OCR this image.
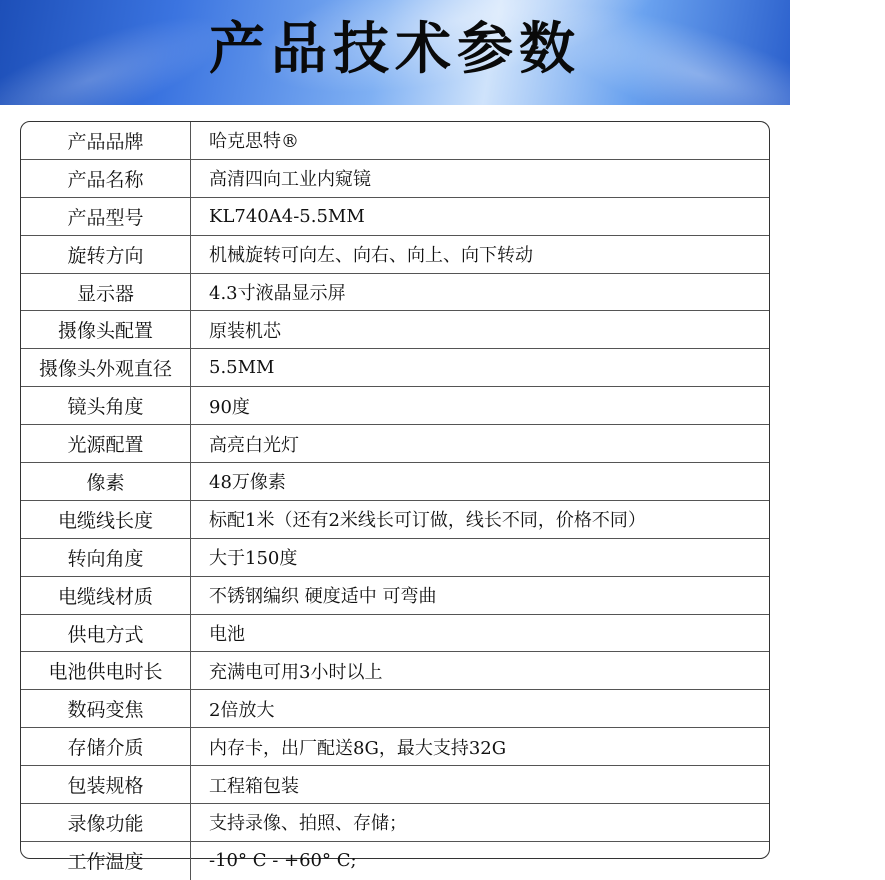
产品技术参数
产品品牌	哈克思特®
产品名称	高清四向工业内窥镜
产品型号	KL740A4-5.5MM
旋转方向	机械旋转可向左、向右、向上、向下转动
显示器	4.3寸液晶显示屏
摄像头配置	原装机芯
摄像头外观直径	5.5MM
镜头角度	90度
光源配置	高亮白光灯
像素	48万像素
电缆线长度	标配1米（还有2米线长可订做，线长不同，价格不同）
转向角度	大于150度
电缆线材质	不锈钢编织 硬度适中 可弯曲
供电方式	电池
电池供电时长	充满电可用3小时以上
数码变焦	2倍放大
存储介质	内存卡，出厂配送8G，最大支持32G
包装规格	工程箱包装
录像功能	支持录像、拍照、存储；
工作温度	-10° C - +60° C;
